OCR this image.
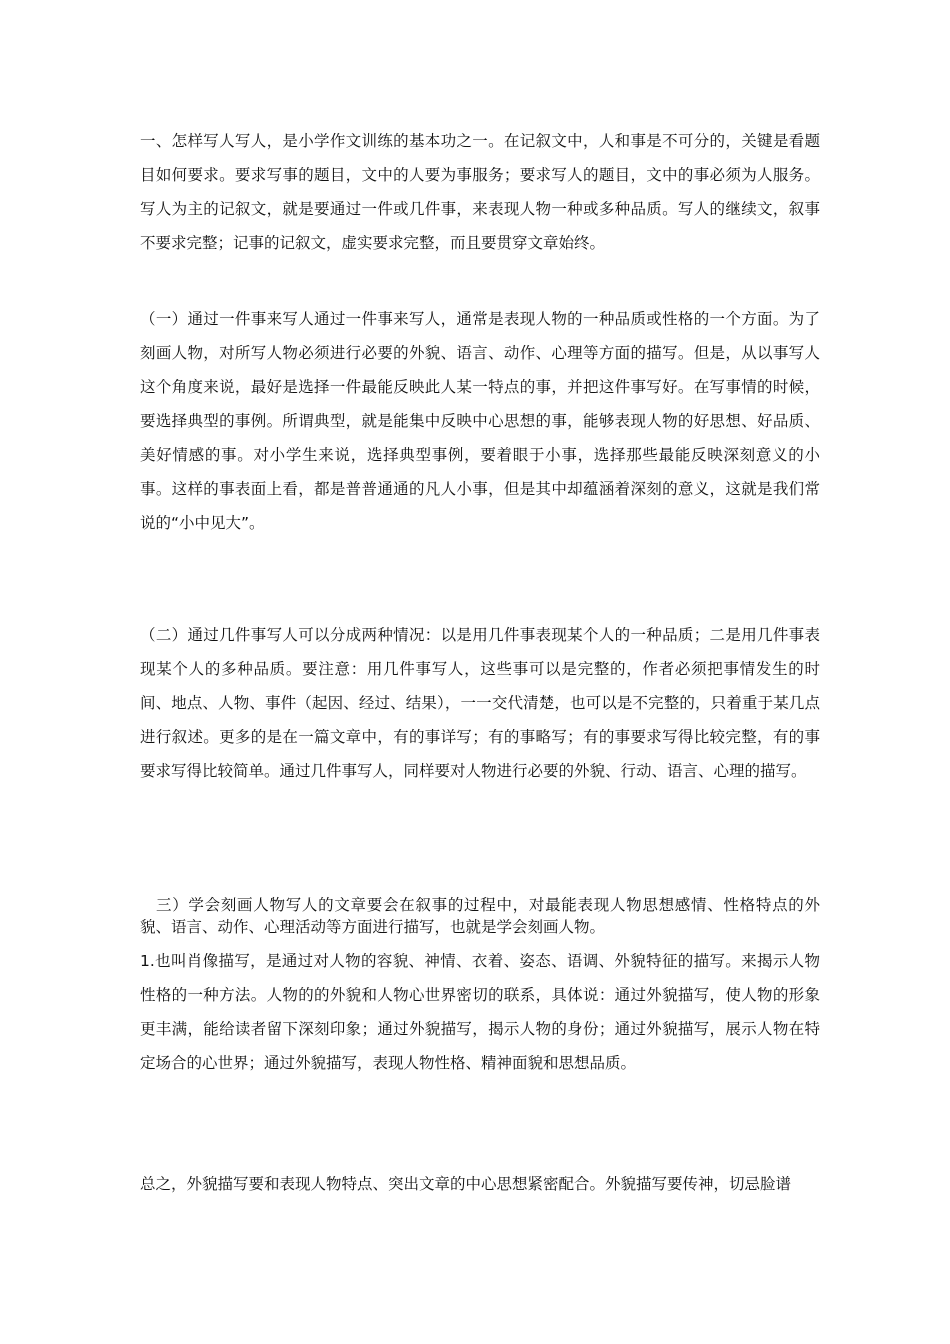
一、怎样写人写人，是小学作文训练的基本功之一。在记叙文中，人和事是不可分的，关键是看题目如何要求。要求写事的题目，文中的人要为事服务；要求写人的题目，文中的事必须为人服务。写人为主的记叙文，就是要通过一件或几件事，来表现人物一种或多种品质。写人的继续文，叙事不要求完整；记事的记叙文，虚实要求完整，而且要贯穿文章始终。

（一）通过一件事来写人通过一件事来写人，通常是表现人物的一种品质或性格的一个方面。为了刻画人物，对所写人物必须进行必要的外貌、语言、动作、心理等方面的描写。但是，从以事写人这个角度来说，最好是选择一件最能反映此人某一特点的事，并把这件事写好。在写事情的时候，要选择典型的事例。所谓典型，就是能集中反映中心思想的事，能够表现人物的好思想、好品质、美好情感的事。对小学生来说，选择典型事例，要着眼于小事，选择那些最能反映深刻意义的小事。这样的事表面上看，都是普普通通的凡人小事，但是其中却蕴涵着深刻的意义，这就是我们常说的“小中见大”。

（二）通过几件事写人可以分成两种情况：以是用几件事表现某个人的一种品质；二是用几件事表现某个人的多种品质。要注意：用几件事写人，这些事可以是完整的，作者必须把事情发生的时间、地点、人物、事件（起因、经过、结果），一一交代清楚，也可以是不完整的，只着重于某几点进行叙述。更多的是在一篇文章中，有的事详写；有的事略写；有的事要求写得比较完整，有的事要求写得比较简单。通过几件事写人，同样要对人物进行必要的外貌、行动、语言、心理的描写。

三）学会刻画人物写人的文章要会在叙事的过程中，对最能表现人物思想感情、性格特点的外貌、语言、动作、心理活动等方面进行描写，也就是学会刻画人物。

1.也叫肖像描写，是通过对人物的容貌、神情、衣着、姿态、语调、外貌特征的描写。来揭示人物性格的一种方法。人物的的外貌和人物心世界密切的联系，具体说：通过外貌描写，使人物的形象更丰满，能给读者留下深刻印象；通过外貌描写，揭示人物的身份；通过外貌描写，展示人物在特定场合的心世界；通过外貌描写，表现人物性格、精神面貌和思想品质。

总之，外貌描写要和表现人物特点、突出文章的中心思想紧密配合。外貌描写要传神，切忌脸谱
